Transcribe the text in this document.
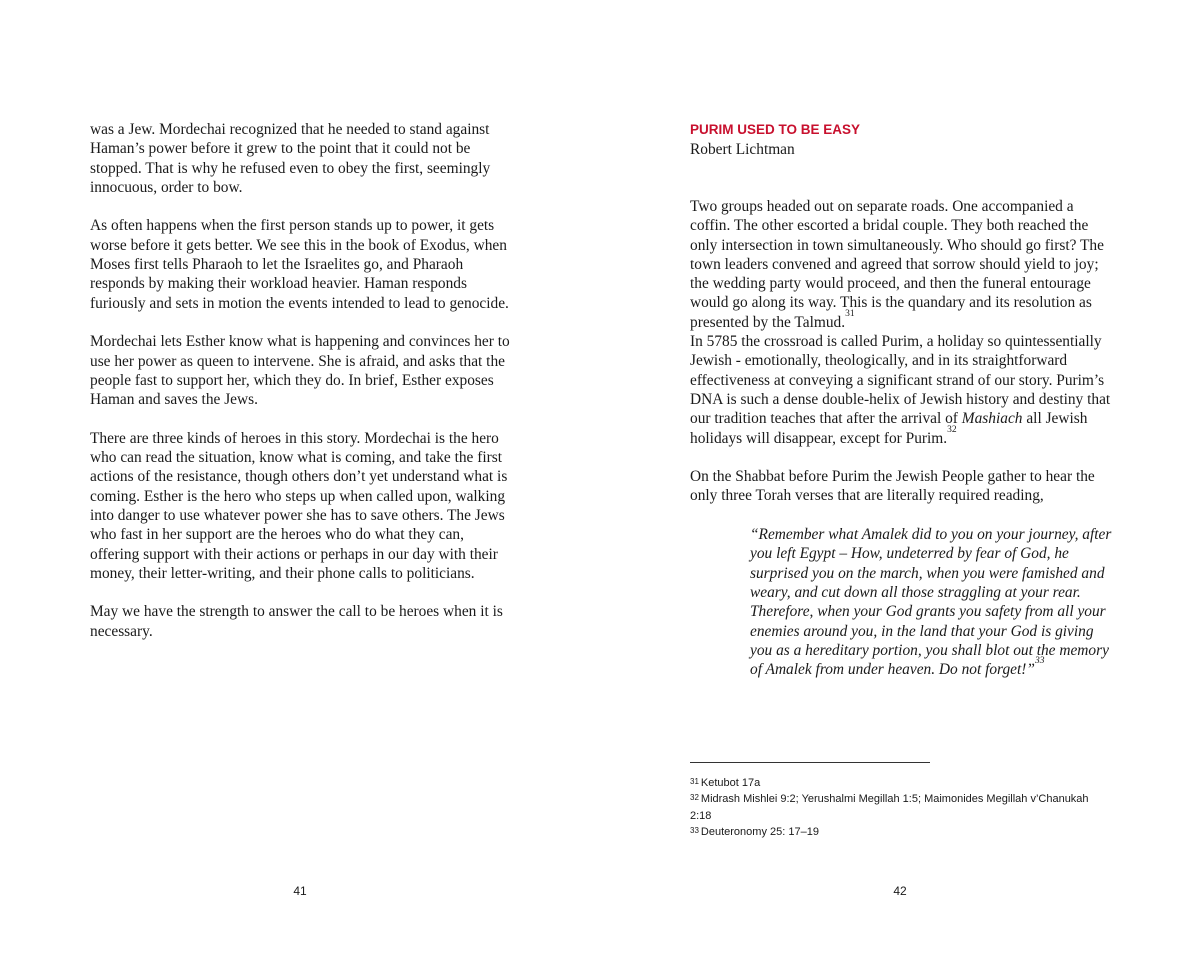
was a Jew. Mordechai recognized that he needed to stand against Haman’s power before it grew to the point that it could not be stopped. That is why he refused even to obey the first, seemingly innocuous, order to bow.

As often happens when the first person stands up to power, it gets worse before it gets better. We see this in the book of Exodus, when Moses first tells Pharaoh to let the Israelites go, and Pharaoh responds by making their workload heavier. Haman responds furiously and sets in motion the events intended to lead to genocide.

Mordechai lets Esther know what is happening and convinces her to use her power as queen to intervene. She is afraid, and asks that the people fast to support her, which they do. In brief, Esther exposes Haman and saves the Jews.

There are three kinds of heroes in this story. Mordechai is the hero who can read the situation, know what is coming, and take the first actions of the resistance, though others don’t yet understand what is coming. Esther is the hero who steps up when called upon, walking into danger to use whatever power she has to save others. The Jews who fast in her support are the heroes who do what they can, offering support with their actions or perhaps in our day with their money, their letter-writing, and their phone calls to politicians.

May we have the strength to answer the call to be heroes when it is necessary.

41
PURIM USED TO BE EASY

Robert Lichtman

Two groups headed out on separate roads. One accompanied a coffin. The other escorted a bridal couple. They both reached the only intersection in town simultaneously. Who should go first? The town leaders convened and agreed that sorrow should yield to joy; the wedding party would proceed, and then the funeral entourage would go along its way. This is the quandary and its resolution as presented by the Talmud.$^{31}$

In 5785 the crossroad is called Purim, a holiday so quintessentially Jewish - emotionally, theologically, and in its straightforward effectiveness at conveying a significant strand of our story. Purim’s DNA is such a dense double-helix of Jewish history and destiny that our tradition teaches that after the arrival of Mashiach all Jewish holidays will disappear, except for Purim.$^{32}$

On the Shabbat before Purim the Jewish People gather to hear the only three Torah verses that are literally required reading,

“Remember what Amalek did to you on your journey, after you left Egypt – How, undeterred by fear of God, he surprised you on the march, when you were famished and weary, and cut down all those straggling at your rear. Therefore, when your God grants you safety from all your enemies around you, in the land that your God is giving you as a hereditary portion, you shall blot out the memory of Amalek from under heaven. Do not forget!”$^{33}$

$^{31}$ Ketubot 17a

$^{32}$ Midrash Mishlei 9:2; Yerushalmi Megillah 1:5; Maimonides Megillah v’Chanukah 2:18

$^{33}$ Deuteronomy 25: 17–19

42
